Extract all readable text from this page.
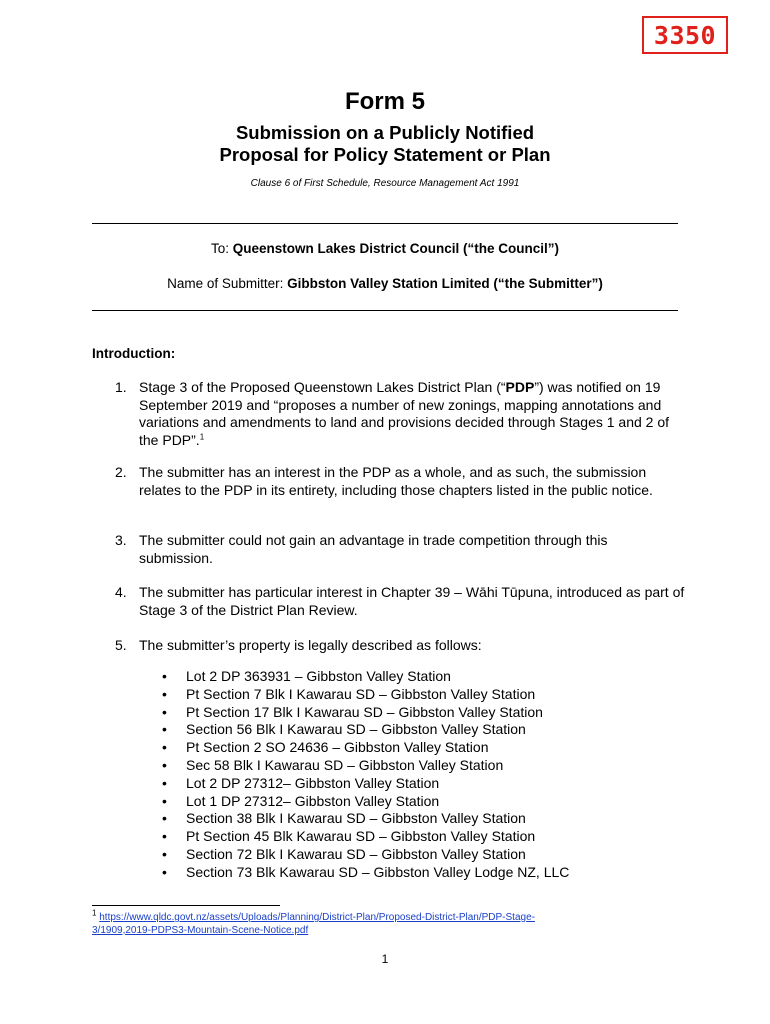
3350
Form 5
Submission on a Publicly Notified
Proposal for Policy Statement or Plan
Clause 6 of First Schedule, Resource Management Act 1991
To: Queenstown Lakes District Council (“the Council”)
Name of Submitter: Gibbston Valley Station Limited (“the Submitter”)
Introduction:
1. Stage 3 of the Proposed Queenstown Lakes District Plan (“PDP”) was notified on 19 September 2019 and “proposes a number of new zonings, mapping annotations and variations and amendments to land and provisions decided through Stages 1 and 2 of the PDP”.$^1$
2. The submitter has an interest in the PDP as a whole, and as such, the submission relates to the PDP in its entirety, including those chapters listed in the public notice.
3. The submitter could not gain an advantage in trade competition through this submission.
4. The submitter has particular interest in Chapter 39 – Wāhi Tūpuna, introduced as part of Stage 3 of the District Plan Review.
5. The submitter’s property is legally described as follows:
• Lot 2 DP 363931 – Gibbston Valley Station
• Pt Section 7 Blk I Kawarau SD – Gibbston Valley Station
• Pt Section 17 Blk I Kawarau SD – Gibbston Valley Station
• Section 56 Blk I Kawarau SD – Gibbston Valley Station
• Pt Section 2 SO 24636 – Gibbston Valley Station
• Sec 58 Blk I Kawarau SD – Gibbston Valley Station
• Lot 2 DP 27312– Gibbston Valley Station
• Lot 1 DP 27312– Gibbston Valley Station
• Section 38 Blk I Kawarau SD – Gibbston Valley Station
• Pt Section 45 Blk Kawarau SD – Gibbston Valley Station
• Section 72 Blk I Kawarau SD – Gibbston Valley Station
• Section 73 Blk Kawarau SD – Gibbston Valley Lodge NZ, LLC
$^1$ https://www.qldc.govt.nz/assets/Uploads/Planning/District-Plan/Proposed-District-Plan/PDP-Stage-
3/1909,2019-PDPS3-Mountain-Scene-Notice.pdf
1
